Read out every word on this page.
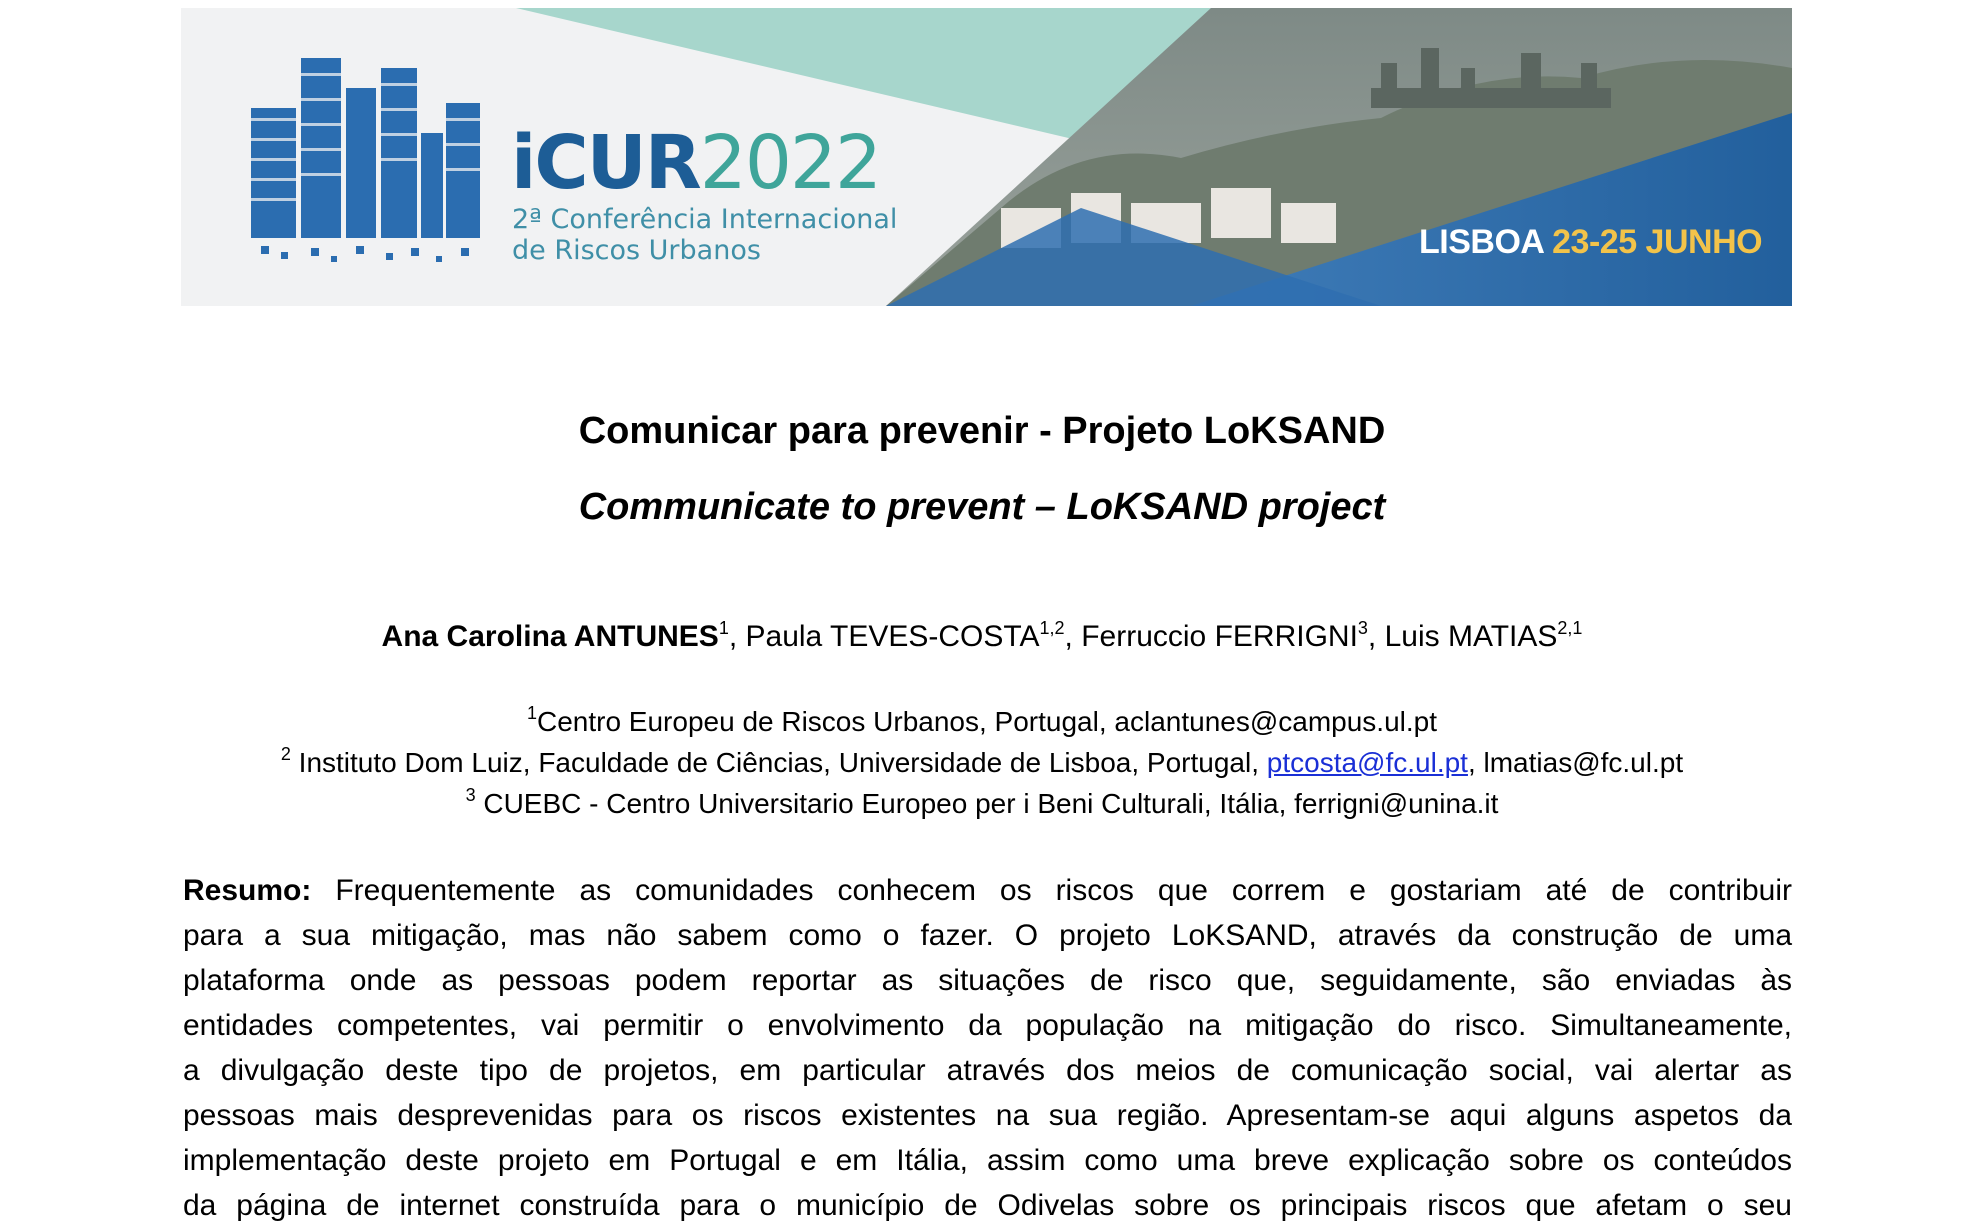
iCUR2022
2ª Conferência Internacional
de Riscos Urbanos	LISBOA 23-25 JUNHO
Comunicar para prevenir - Projeto LoKSAND
Communicate to prevent – LoKSAND project
Ana Carolina ANTUNES$^1$, Paula TEVES-COSTA$^{1,2}$, Ferruccio FERRIGNI$^3$, Luis MATIAS$^{2,1}$
$^1$Centro Europeu de Riscos Urbanos, Portugal, aclantunes@campus.ul.pt
$^2$ Instituto Dom Luiz, Faculdade de Ciências, Universidade de Lisboa, Portugal, ptcosta@fc.ul.pt, lmatias@fc.ul.pt
$^3$ CUEBC - Centro Universitario Europeo per i Beni Culturali, Itália, ferrigni@unina.it
Resumo: Frequentemente as comunidades conhecem os riscos que correm e gostariam até de contribuir
para a sua mitigação, mas não sabem como o fazer. O projeto LoKSAND, através da construção de uma
plataforma onde as pessoas podem reportar as situações de risco que, seguidamente, são enviadas às
entidades competentes, vai permitir o envolvimento da população na mitigação do risco. Simultaneamente,
a divulgação deste tipo de projetos, em particular através dos meios de comunicação social, vai alertar as
pessoas mais desprevenidas para os riscos existentes na sua região. Apresentam-se aqui alguns aspetos da
implementação deste projeto em Portugal e em Itália, assim como uma breve explicação sobre os conteúdos
da página de internet construída para o município de Odivelas sobre os principais riscos que afetam o seu
